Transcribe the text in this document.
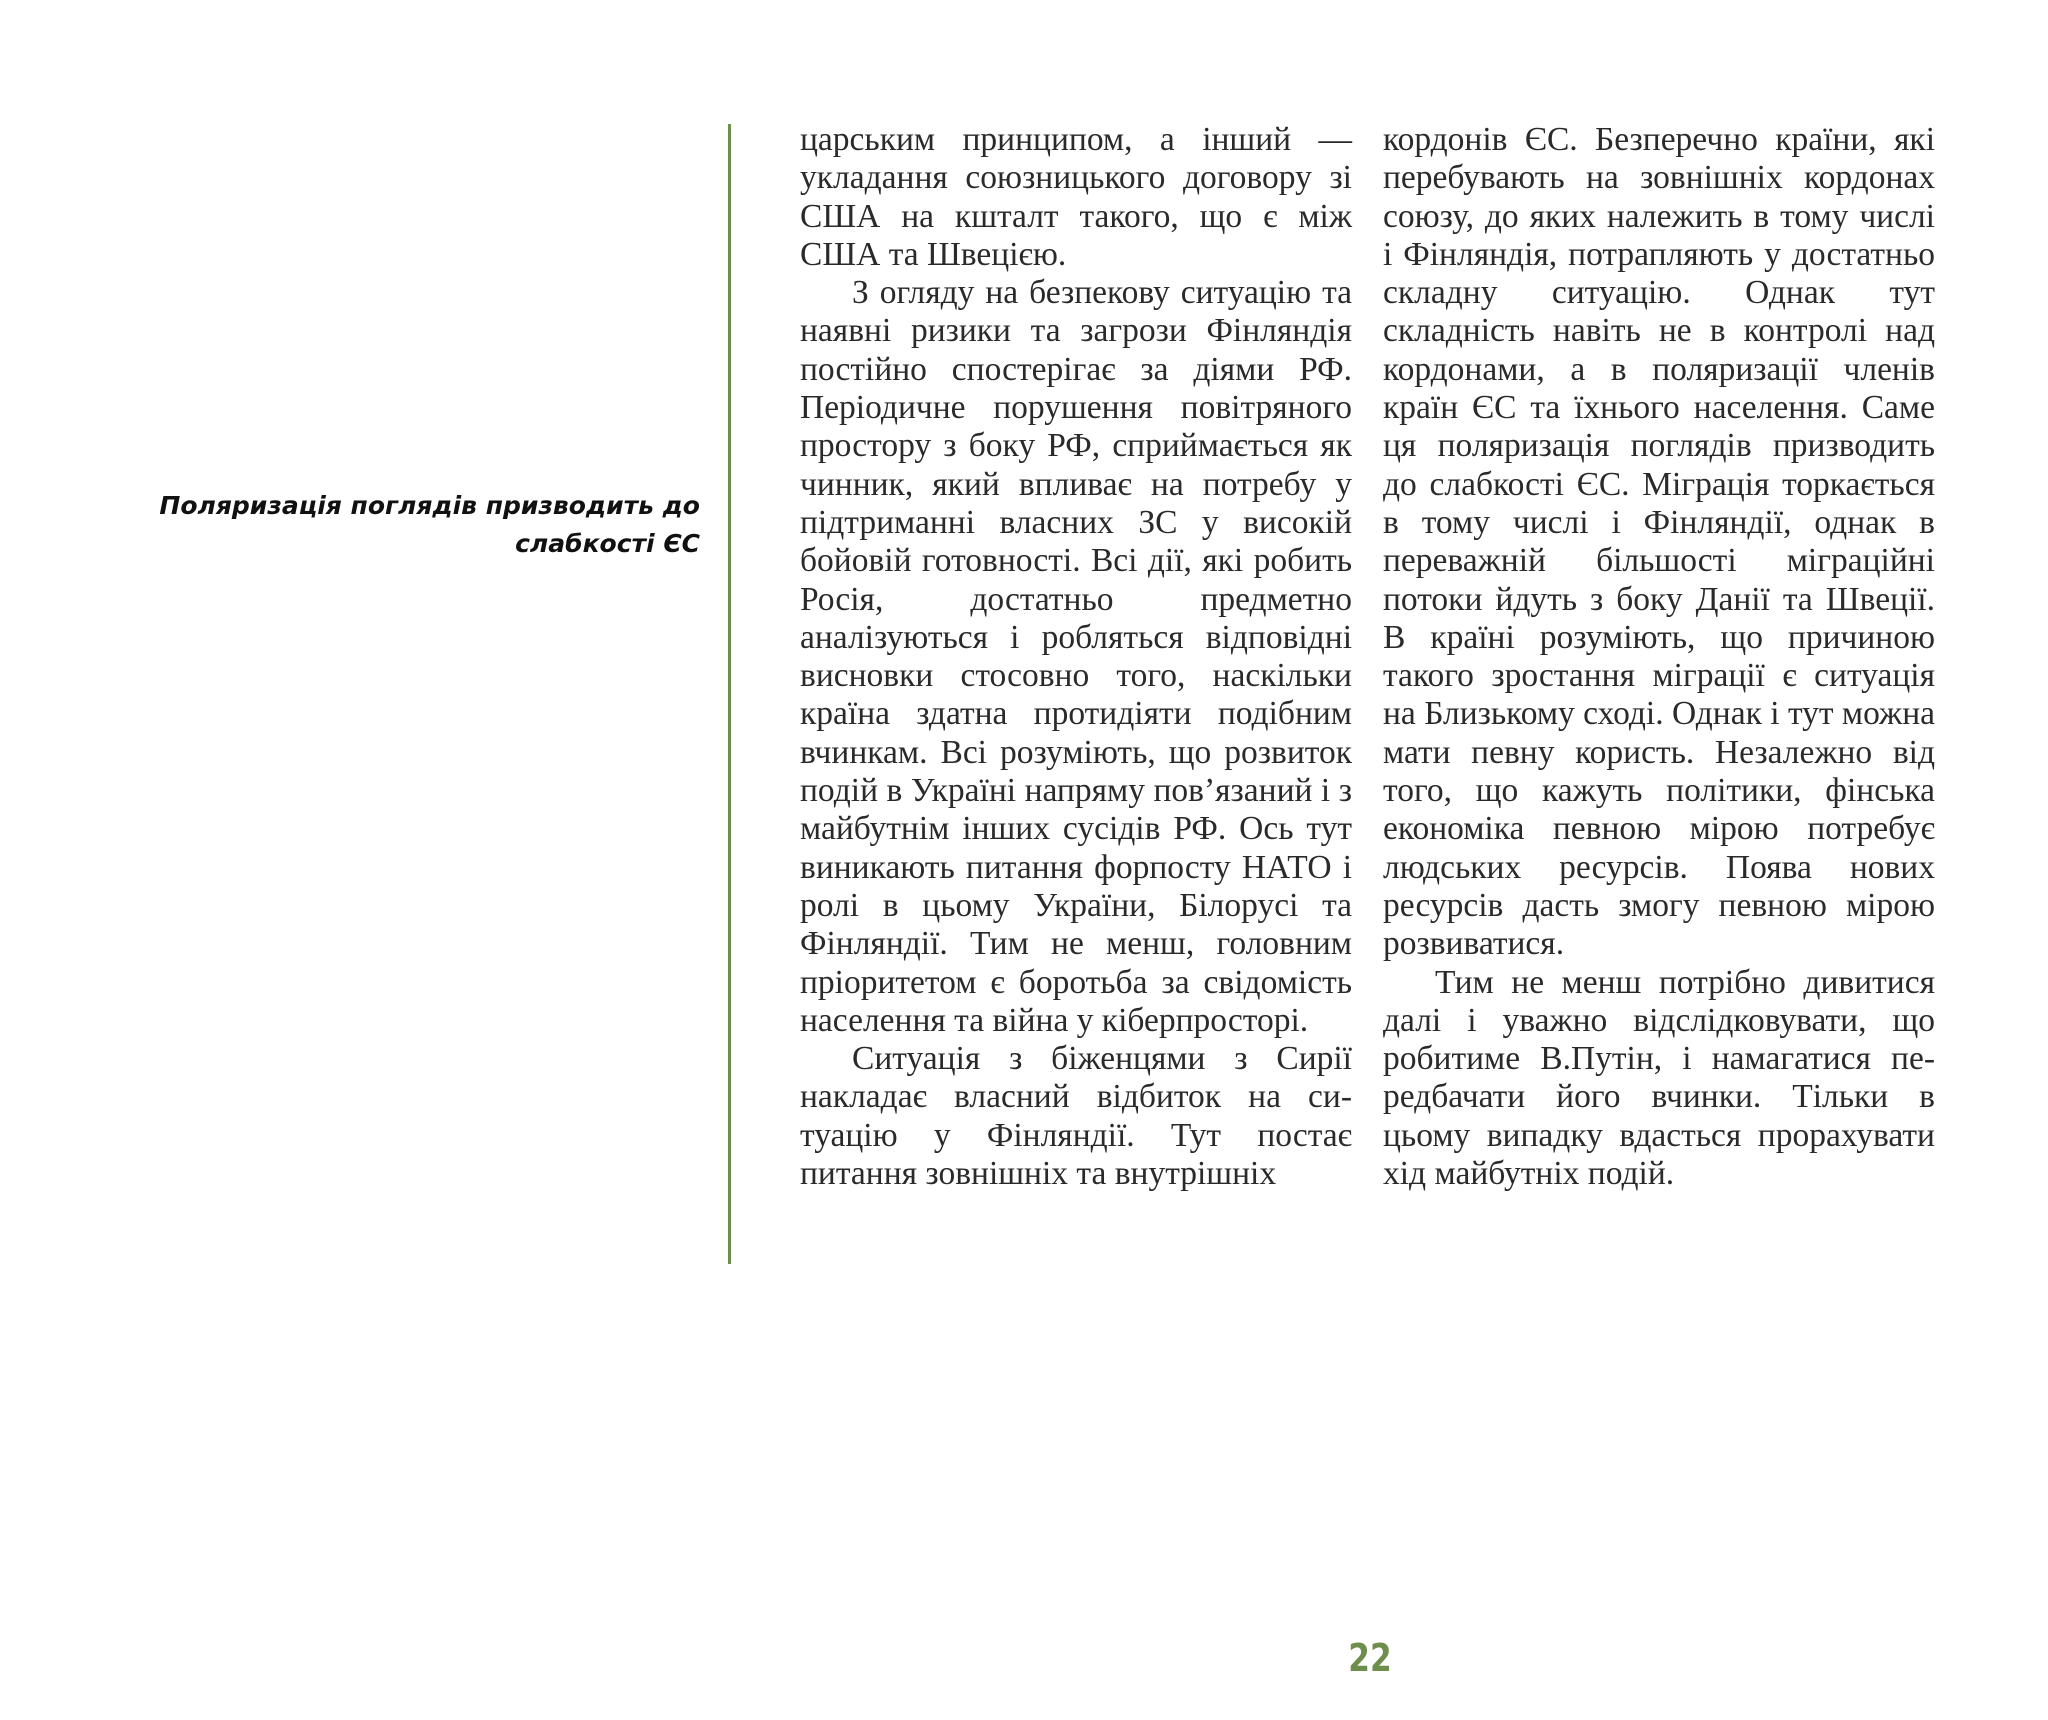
Поляризація поглядів призводить до слабкості ЄС

царським принципом, а інший — укладання союзницького договору зі США на кшталт такого, що є між США та Швецією.

З огляду на безпекову ситуацію та наявні ризики та загрози Фінляндія постійно спостерігає за діями РФ. Періодичне порушення повітряного простору з боку РФ, сприймається як чинник, який впливає на потребу у підтриманні власних ЗС у високій бойовій готовності. Всі дії, які робить Росія, достатньо предметно аналізуються і робляться відповідні висновки стосовно того, наскільки країна здатна протидіяти подібним вчинкам. Всі розуміють, що розвиток подій в Україні напряму пов’язаний і з майбутнім інших сусідів РФ. Ось тут виникають питання форпосту НАТО і ролі в цьому України, Білорусі та Фінляндії. Тим не менш, головним пріоритетом є боротьба за свідомість населення та війна у кіберпросторі.

Ситуація з біженцями з Сирії накладає власний відбиток на ситуацію у Фінляндії. Тут постає питання зовнішніх та внутрішніх

кордонів ЄС. Безперечно країни, які перебувають на зовнішніх кордонах союзу, до яких належить в тому числі і Фінляндія, потрапляють у достатньо складну ситуацію. Однак тут складність навіть не в контролі над кордонами, а в поляризації членів країн ЄС та їхнього населення. Саме ця поляризація поглядів призводить до слабкості ЄС. Міграція торкається в тому числі і Фінляндії, однак в переважній більшості міграційні потоки йдуть з боку Данії та Швеції. В країні розуміють, що причиною такого зростання міграції є ситуація на Близькому сході. Однак і тут можна мати певну користь. Незалежно від того, що кажуть політики, фінська економіка певною мірою потребує людських ресурсів. Поява нових ресурсів дасть змогу певною мірою розвиватися.

Тим не менш потрібно дивитися далі і уважно відслідковувати, що робитиме В.Путін, і намагатися передбачати його вчинки. Тільки в цьому випадку вдасться прорахувати хід майбутніх подій.

22
